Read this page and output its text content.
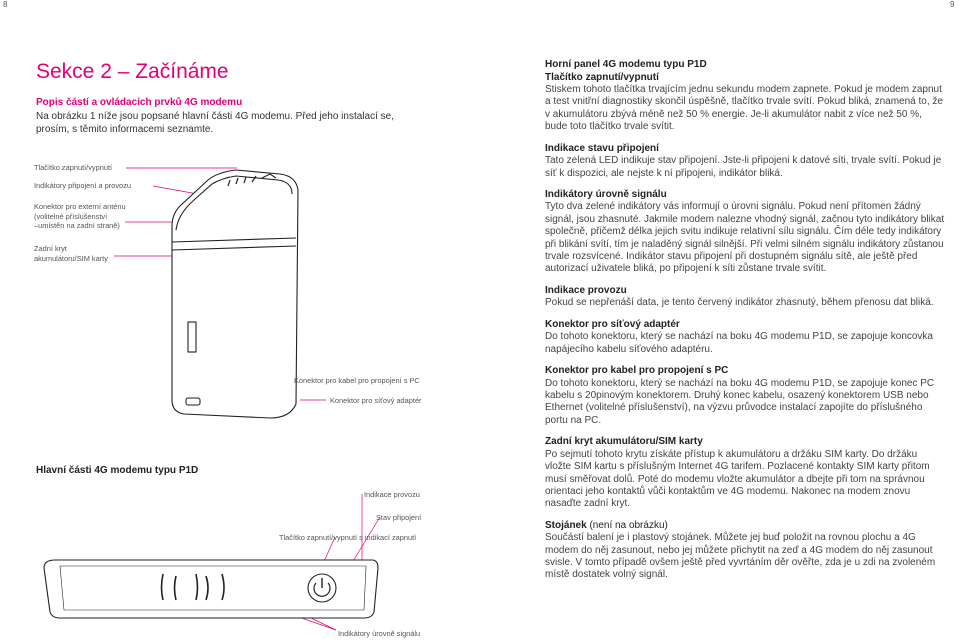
8	9
Sekce 2 – Začínáme
Popis částí a ovládacích prvků 4G modemu
Na obrázku 1 níže jsou popsané hlavní části 4G modemu. Před jeho instalací se, prosím, s těmito informacemi seznamte.
Tlačítko zapnutí/vypnutí
Indikátory připojení a provozu
Konektor pro externí anténu
(volitelné příslušenství
–umístěn na zadní straně)
Zadní kryt
akumulátoru/SIM karty
Konektor pro kabel pro propojení s PC
Konektor pro síťový adaptér
Hlavní části 4G modemu typu P1D
Indikace provozu
Stav připojení
Tlačítko zapnutí/vypnutí s indikací zapnutí
Indikátory úrovně signálu
Horní panel 4G modemu typu P1D
Tlačítko zapnutí/vypnutí
Stiskem tohoto tlačítka trvajícím jednu sekundu modem zapnete. Pokud je modem zapnut a test vnitřní diagnostiky skončil úspěšně, tlačítko trvale svítí. Pokud bliká, znamená to, že v akumulátoru zbývá méně než 50 % energie. Je-li akumulátor nabit z více než 50 %, bude toto tlačítko trvale svítit.
Indikace stavu připojení
Tato zelená LED indikuje stav připojení. Jste-li připojeni k datové síti, trvale svítí. Pokud je síť k dispozici, ale nejste k ní připojeni, indikátor bliká.
Indikátory úrovně signálu
Tyto dva zelené indikátory vás informují o úrovni signálu. Pokud není přítomen žádný signál, jsou zhasnuté. Jakmile modem nalezne vhodný signál, začnou tyto indikátory blikat společně, přičemž délka jejich svitu indikuje relativní sílu signálu. Čím déle tedy indikátory při blikání svítí, tím je naladěný signál silnější. Při velmi silném signálu indikátory zůstanou trvale rozsvícené. Indikátor stavu připojení při dostupném signálu sítě, ale ještě před autorizací uživatele bliká, po připojení k síti zůstane trvale svítit.
Indikace provozu
Pokud se nepřenáší data, je tento červený indikátor zhasnutý, během přenosu dat bliká.
Konektor pro síťový adaptér
Do tohoto konektoru, který se nachází na boku 4G modemu P1D, se zapojuje koncovka napájecího kabelu síťového adaptéru.
Konektor pro kabel pro propojení s PC
Do tohoto konektoru, který se nachází na boku 4G modemu P1D, se zapojuje konec PC kabelu s 20pinovým konektorem. Druhý konec kabelu, osazený konektorem USB nebo Ethernet (volitelné příslušenství), na výzvu průvodce instalací zapojíte do příslušného portu na PC.
Zadní kryt akumulátoru/SIM karty
Po sejmutí tohoto krytu získáte přístup k akumulátoru a držáku SIM karty. Do držáku vložte SIM kartu s příslušným Internet 4G tarifem. Pozlacené kontakty SIM karty přitom musí směřovat dolů. Poté do modemu vložte akumulátor a dbejte při tom na správnou orientaci jeho kontaktů vůči kontaktům ve 4G modemu. Nakonec na modem znovu nasaďte zadní kryt.
Stojánek (není na obrázku)
Součástí balení je i plastový stojánek. Můžete jej buď položit na rovnou plochu a 4G modem do něj zasunout, nebo jej můžete přichytit na zeď a 4G modem do něj zasunout svisle. V tomto případě ovšem ještě před vyvrtáním děr ověřte, zda je u zdi na zvoleném místě dostatek volný signál.
